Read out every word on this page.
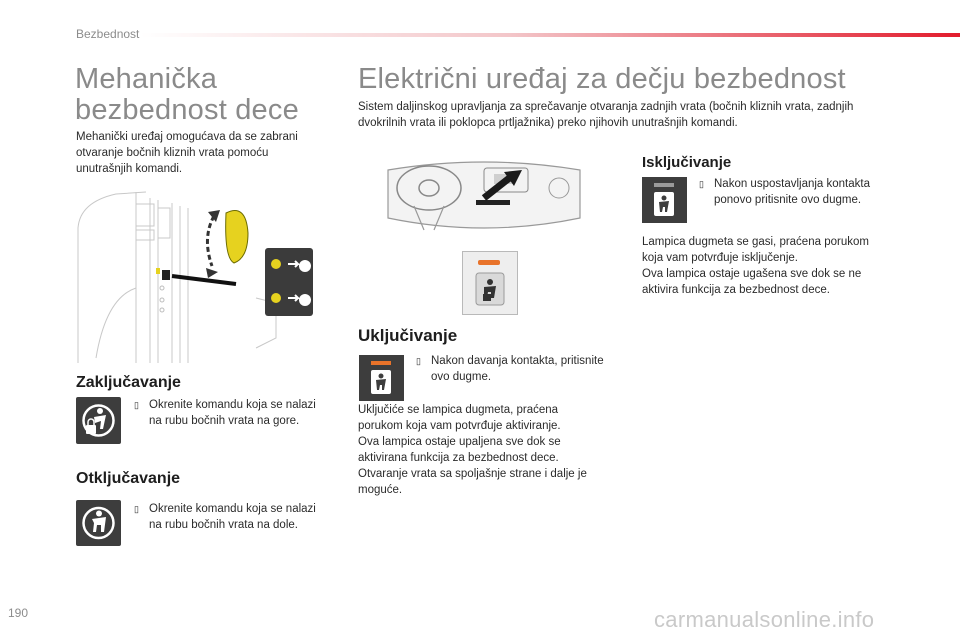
Bezbednost
Mehanička
bezbednost dece
Mehanički uređaj omogućava da se zabrani
otvaranje bočnih kliznih vrata pomoću
unutrašnjih komandi.
Zaključavanje
▯ Okrenite komandu koja se nalazi
na rubu bočnih vrata na gore.
Otključavanje
▯ Okrenite komandu koja se nalazi
na rubu bočnih vrata na dole.
Električni uređaj za dečju bezbednost
Sistem daljinskog upravljanja za sprečavanje otvaranja zadnjih vrata (bočnih kliznih vrata, zadnjih
dvokrilnih vrata ili poklopca prtljažnika) preko njihovih unutrašnjih komandi.
Uključivanje
▯ Nakon davanja kontakta, pritisnite
ovo dugme.
Uključiće se lampica dugmeta, praćena
porukom koja vam potvrđuje aktiviranje.
Ova lampica ostaje upaljena sve dok se
aktivirana funkcija za bezbednost dece.
Otvaranje vrata sa spoljašnje strane i dalje je
moguće.
Isključivanje
▯ Nakon uspostavljanja kontakta
ponovo pritisnite ovo dugme.
Lampica dugmeta se gasi, praćena porukom
koja vam potvrđuje isključenje.
Ova lampica ostaje ugašena sve dok se ne
aktivira funkcija za bezbednost dece.
190	carmanualsonline.info
